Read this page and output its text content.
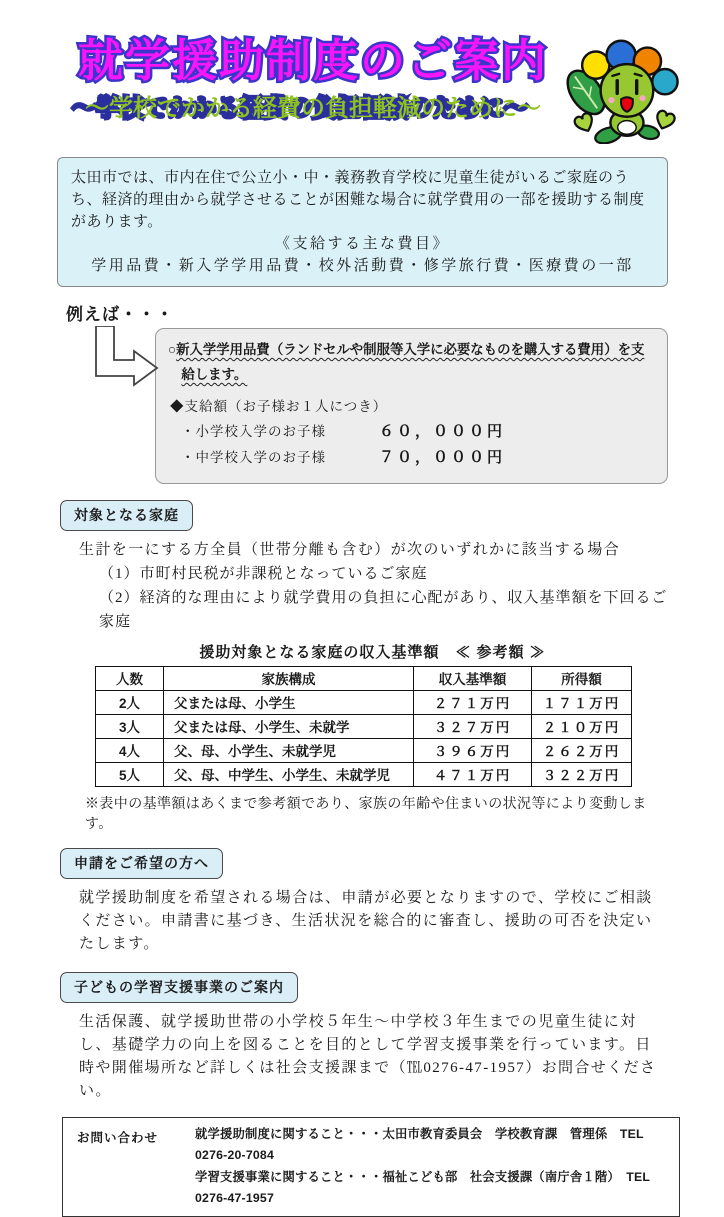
就学援助制度のご案内 就学援助制度のご案内
～学校でかかる経費の負担軽減のために～ ～学校でかかる経費の負担軽減のために～
太田市では、市内在住で公立小・中・義務教育学校に児童生徒がいるご家庭のうち、経済的理由から就学させることが困難な場合に就学費用の一部を援助する制度があります。
《支給する主な費目》
学用品費・新入学学用品費・校外活動費・修学旅行費・医療費の一部
例えば・・・
○新入学学用品費（ランドセルや制服等入学に必要なものを購入する費用）を支給します。
◆支給額（お子様お１人につき）
・小学校入学のお子様	６０，０００円
・中学校入学のお子様	７０，０００円
対象となる家庭
生計を一にする方全員（世帯分離も含む）が次のいずれかに該当する場合
（1）市町村民税が非課税となっているご家庭
（2）経済的な理由により就学費用の負担に心配があり、収入基準額を下回るご家庭
援助対象となる家庭の収入基準額　≪ 参考額 ≫
人数	家族構成	収入基準額	所得額
2人	父または母、小学生	２７１万円	１７１万円
3人	父または母、小学生、未就学	３２７万円	２１０万円
4人	父、母、小学生、未就学児	３９６万円	２６２万円
5人	父、母、中学生、小学生、未就学児	４７１万円	３２２万円
※表中の基準額はあくまで参考額であり、家族の年齢や住まいの状況等により変動します。
申請をご希望の方へ
就学援助制度を希望される場合は、申請が必要となりますので、学校にご相談ください。申請書に基づき、生活状況を総合的に審査し、援助の可否を決定いたします。
子どもの学習支援事業のご案内
生活保護、就学援助世帯の小学校５年生～中学校３年生までの児童生徒に対し、基礎学力の向上を図ることを目的として学習支援事業を行っています。日時や開催場所など詳しくは社会支援課まで（℡0276-47-1957）お問合せください。
お問い合わせ	就学援助制度に関すること・・・太田市教育委員会　学校教育課　管理係　TEL　0276-20-7084
学習支援事業に関すること・・・福祉こども部　社会支援課（南庁舎１階）　TEL　0276-47-1957
